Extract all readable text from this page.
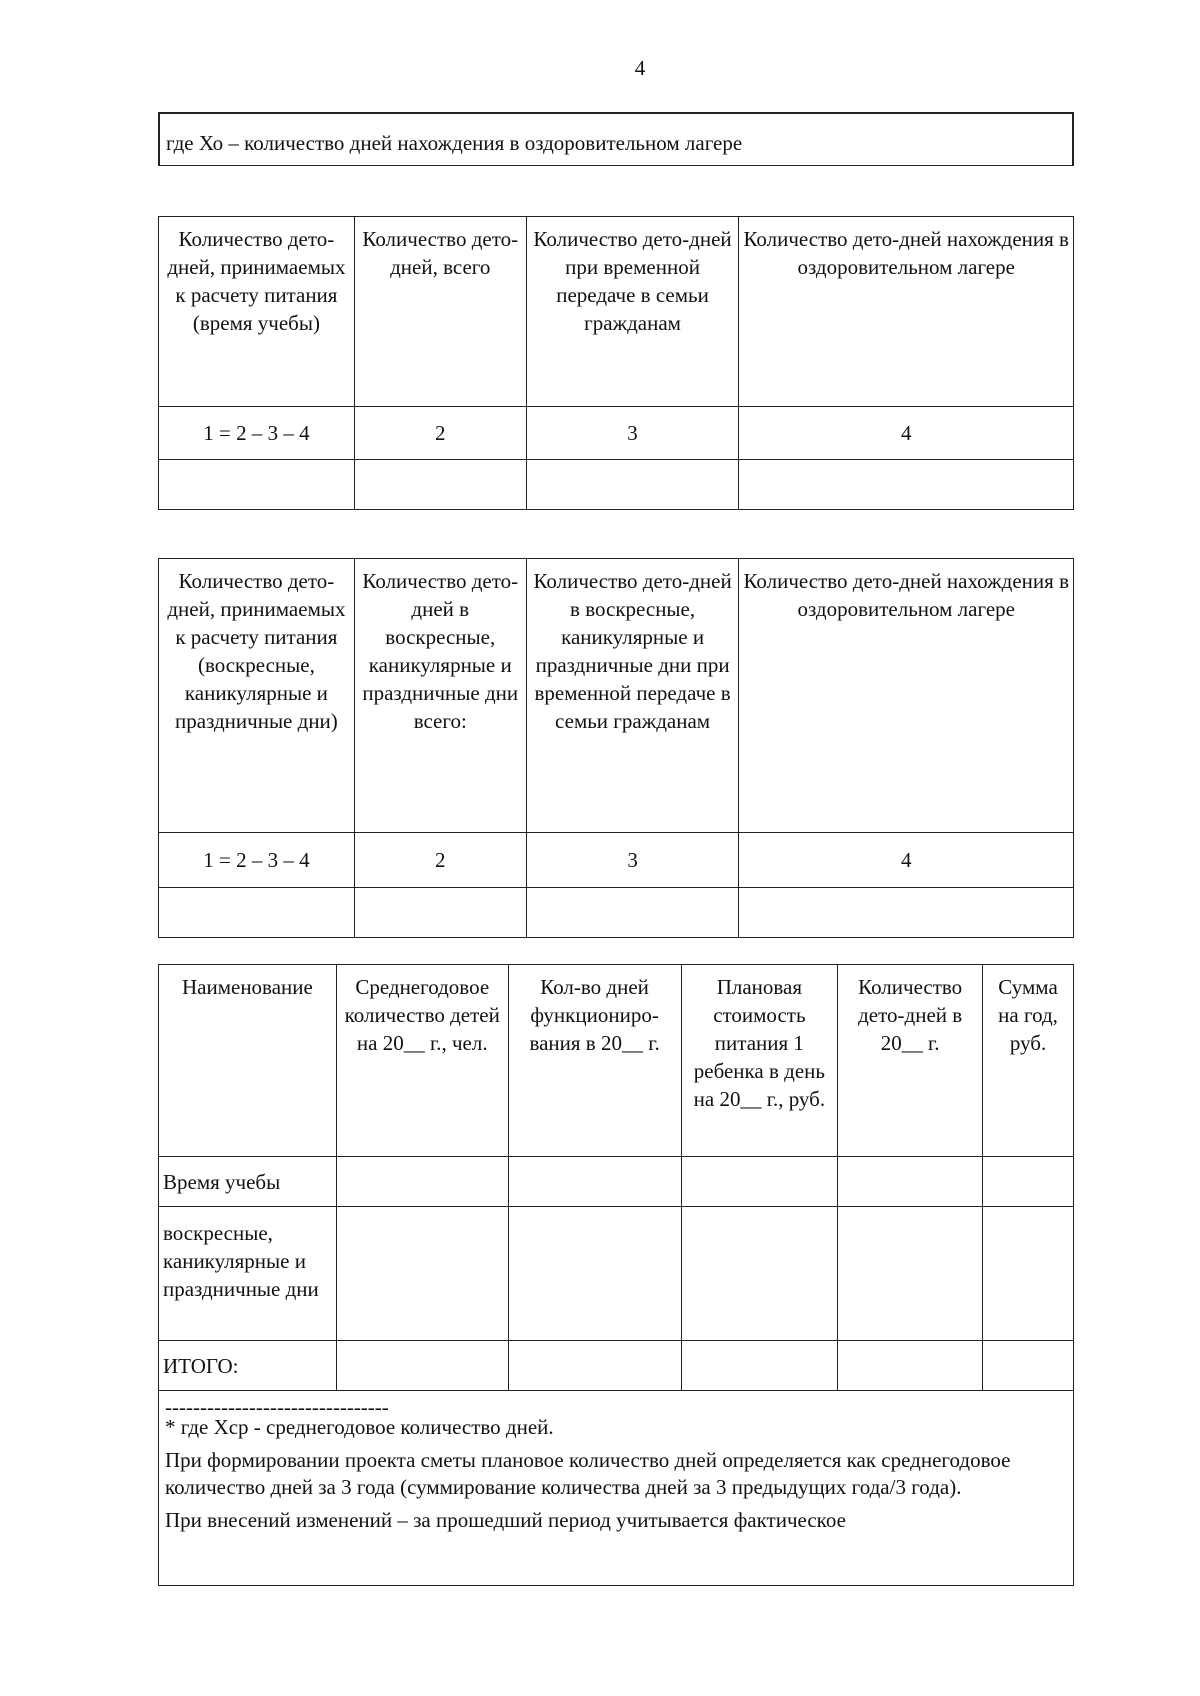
4
где Хо – количество дней нахождения в оздоровительном лагере
Количество дето-дней, принимаемых к расчету питания (время учебы)	Количество дето-дней, всего	Количество дето-дней при временной передаче в семьи гражданам	Количество дето-дней нахождения в оздоровительном лагере
1 = 2 – 3 – 4	2	3	4

Количество дето-дней, принимаемых к расчету питания (воскресные, каникулярные и праздничные дни)	Количество дето-дней в воскресные, каникулярные и праздничные дни всего:	Количество дето-дней в воскресные, каникулярные и праздничные дни при временной передаче в семьи гражданам	Количество дето-дней нахождения в оздоровительном лагере
1 = 2 – 3 – 4	2	3	4

Наименование	Среднегодовое количество детей на 20__ г., чел.	Кол-во дней функциониро-вания в 20__ г.	Плановая стоимость питания 1 ребенка в день на 20__ г., руб.	Количество дето-дней в 20__ г.	Сумма на год, руб.
Время учебы					
воскресные, каникулярные и праздничные дни					
ИТОГО:					
--------------------------------

* где Хср - среднегодовое количество дней.

При формировании проекта сметы плановое количество дней определяется как среднегодовое количество дней за 3 года (суммирование количества дней за 3 предыдущих года/3 года).

При внесений изменений – за прошедший период учитывается фактическое
